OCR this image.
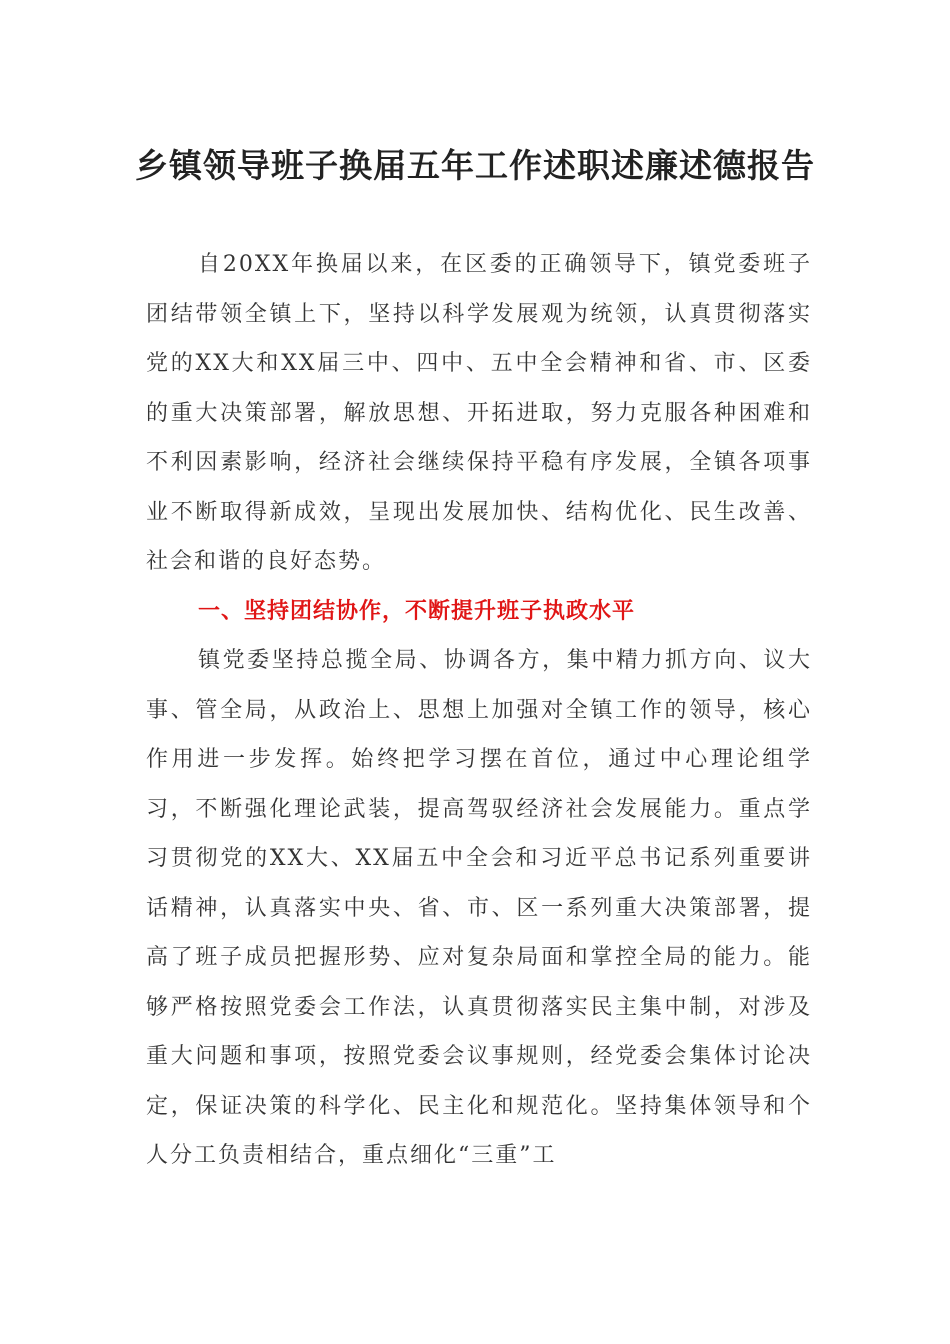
乡镇领导班子换届五年工作述职述廉述德报告

自20XX年换届以来，在区委的正确领导下，镇党委班子团结带领全镇上下，坚持以科学发展观为统领，认真贯彻落实党的XX大和XX届三中、四中、五中全会精神和省、市、区委的重大决策部署，解放思想、开拓进取，努力克服各种困难和不利因素影响，经济社会继续保持平稳有序发展，全镇各项事业不断取得新成效，呈现出发展加快、结构优化、民生改善、社会和谐的良好态势。

一、坚持团结协作，不断提升班子执政水平

镇党委坚持总揽全局、协调各方，集中精力抓方向、议大事、管全局，从政治上、思想上加强对全镇工作的领导，核心作用进一步发挥。始终把学习摆在首位，通过中心理论组学习，不断强化理论武装，提高驾驭经济社会发展能力。重点学习贯彻党的XX大、XX届五中全会和习近平总书记系列重要讲话精神，认真落实中央、省、市、区一系列重大决策部署，提高了班子成员把握形势、应对复杂局面和掌控全局的能力。能够严格按照党委会工作法，认真贯彻落实民主集中制，对涉及重大问题和事项，按照党委会议事规则，经党委会集体讨论决定，保证决策的科学化、民主化和规范化。坚持集体领导和个人分工负责相结合，重点细化“三重”工
